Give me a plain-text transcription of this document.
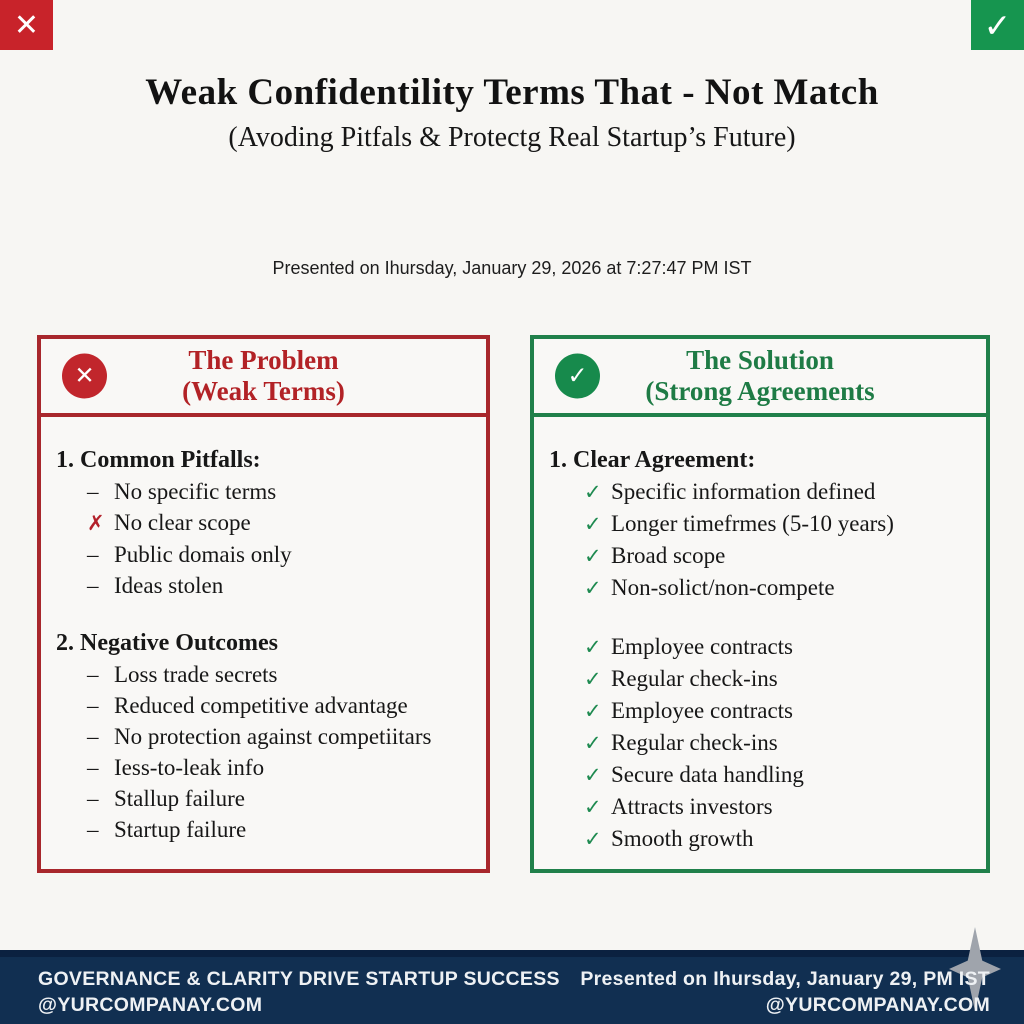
✕	✓
Weak Confidentility Terms That - Not Match
(Avoding Pitfals & Protectg Real Startup’s Future)
Presented on Ihursday, January 29, 2026 at 7:27:47 PM IST
✕
The Problem
(Weak Terms)
1. Common Pitfalls:
– No specific terms
✗ No clear scope
– Public domais only
– Ideas stolen
2. Negative Outcomes
– Loss trade secrets
– Reduced competitive advantage
– No protection against competiitars
– Iess-to-leak info
– Stallup failure
– Startup failure
✓
The Solution
(Strong Agreements
1. Clear Agreement:
✓ Specific information defined
✓ Longer timefrmes (5-10 years)
✓ Broad scope
✓ Non-solict/non-compete
✓ Employee contracts
✓ Regular check-ins
✓ Employee contracts
✓ Regular check-ins
✓ Secure data handling
✓ Attracts investors
✓ Smooth growth
GOVERNANCE & CLARITY DRIVE STARTUP SUCCESS
@YURCOMPANAY.COM
Presented on Ihursday, January 29, PM IST
@YURCOMPANAY.COM
